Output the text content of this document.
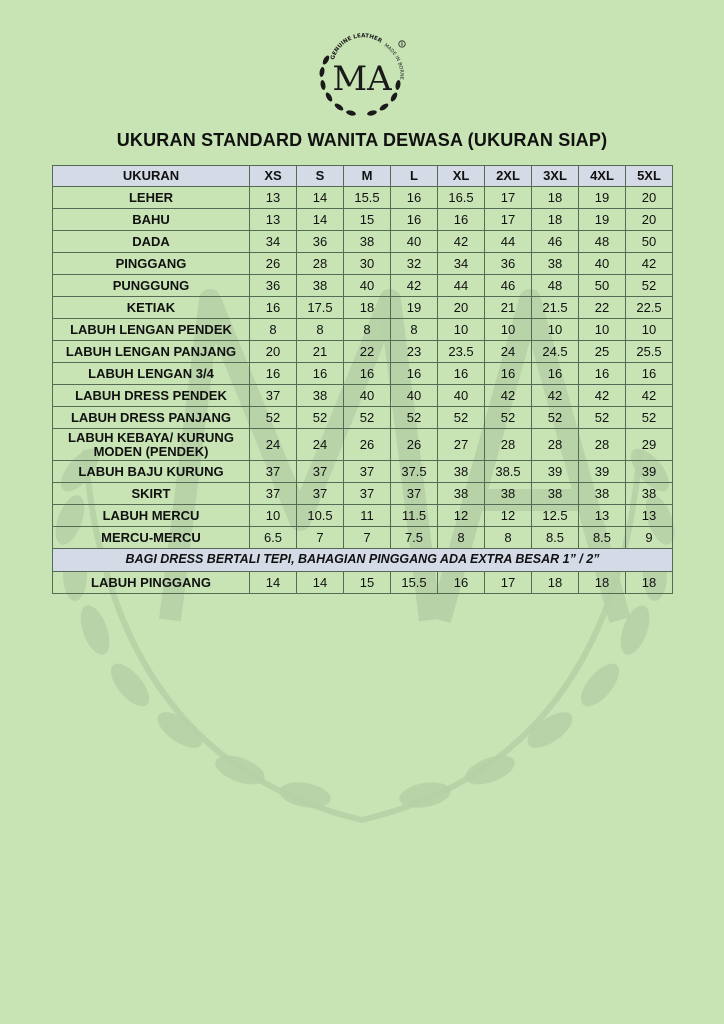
R
MA
GENUINE LEATHER
MADE IN BORNE
UKURAN STANDARD WANITA DEWASA (UKURAN SIAP)
UKURAN	XS	S	M	L	XL	2XL	3XL	4XL	5XL
LEHER	13	14	15.5	16	16.5	17	18	19	20
BAHU	13	14	15	16	16	17	18	19	20
DADA	34	36	38	40	42	44	46	48	50
PINGGANG	26	28	30	32	34	36	38	40	42
PUNGGUNG	36	38	40	42	44	46	48	50	52
KETIAK	16	17.5	18	19	20	21	21.5	22	22.5
LABUH LENGAN PENDEK	8	8	8	8	10	10	10	10	10
LABUH LENGAN PANJANG	20	21	22	23	23.5	24	24.5	25	25.5
LABUH LENGAN 3/4	16	16	16	16	16	16	16	16	16
LABUH DRESS PENDEK	37	38	40	40	40	42	42	42	42
LABUH DRESS PANJANG	52	52	52	52	52	52	52	52	52
LABUH KEBAYA/ KURUNG MODEN (PENDEK)	24	24	26	26	27	28	28	28	29
LABUH BAJU KURUNG	37	37	37	37.5	38	38.5	39	39	39
SKIRT	37	37	37	37	38	38	38	38	38
LABUH MERCU	10	10.5	11	11.5	12	12	12.5	13	13
MERCU-MERCU	6.5	7	7	7.5	8	8	8.5	8.5	9
BAGI DRESS BERTALI TEPI, BAHAGIAN PINGGANG ADA EXTRA BESAR 1” / 2”									
LABUH PINGGANG	14	14	15	15.5	16	17	18	18	18
